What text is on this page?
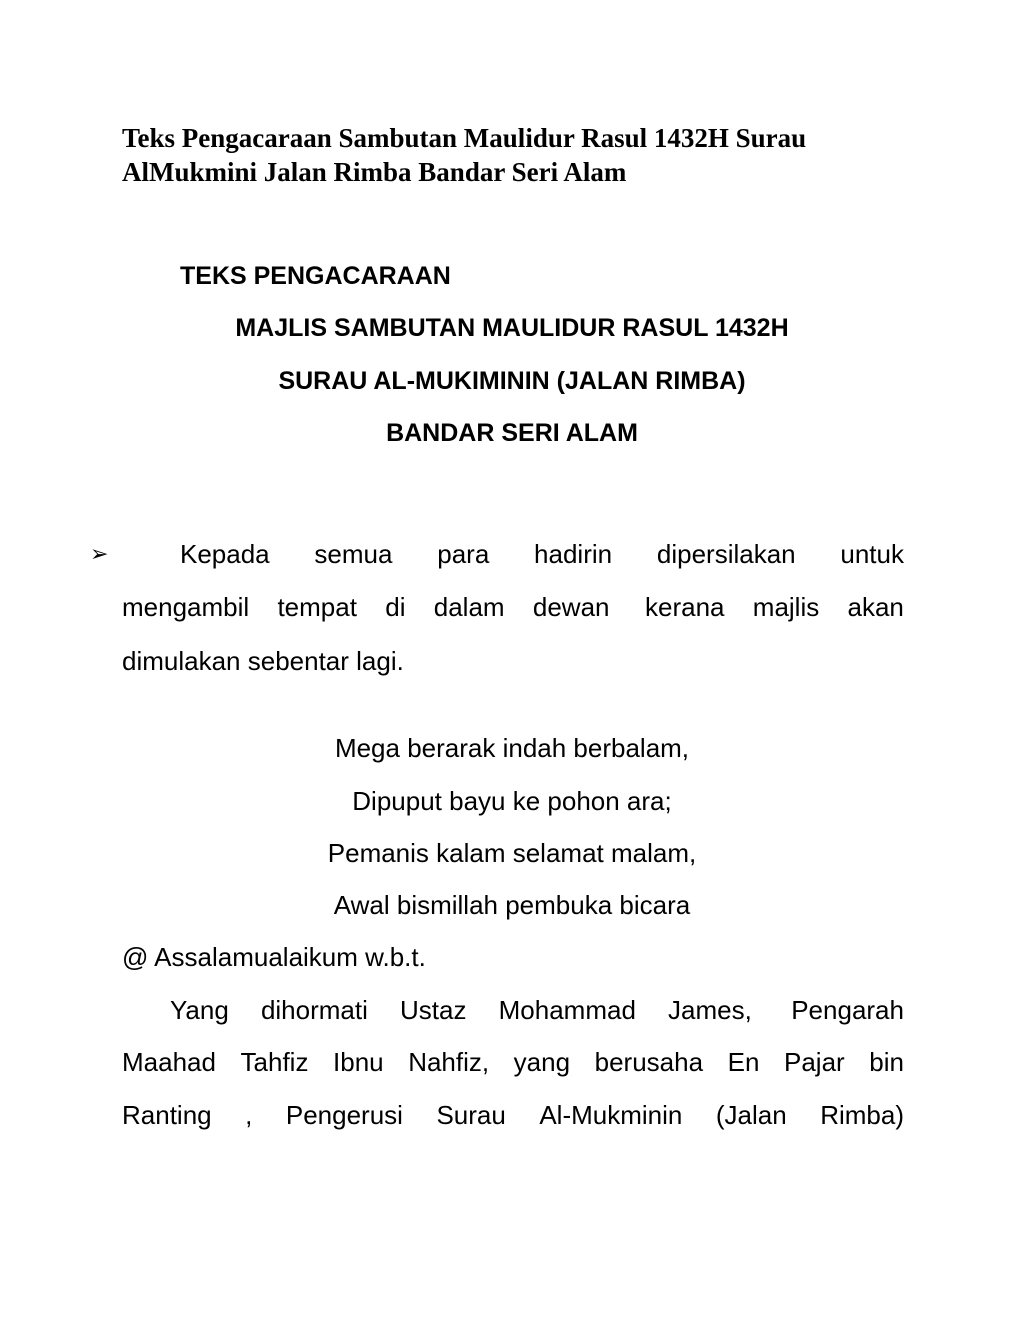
Teks Pengacaraan Sambutan Maulidur Rasul 1432H Surau
AlMukmini Jalan Rimba Bandar Seri Alam
TEKS PENGACARAAN
MAJLIS SAMBUTAN MAULIDUR RASUL 1432H
SURAU AL-MUKIMININ (JALAN RIMBA)
BANDAR SERI ALAM
➢	Kepada semua para hadirin dipersilakan untuk
mengambil tempat di dalam dewan kerana majlis akan
dimulakan sebentar lagi.
Mega berarak indah berbalam,
Dipuput bayu ke pohon ara;
Pemanis kalam selamat malam,
Awal bismillah pembuka bicara
@ Assalamualaikum w.b.t.
Yang dihormati Ustaz Mohammad James, Pengarah
Maahad Tahfiz Ibnu Nahfiz, yang berusaha En Pajar bin
Ranting , Pengerusi Surau Al-Mukminin (Jalan Rimba)
